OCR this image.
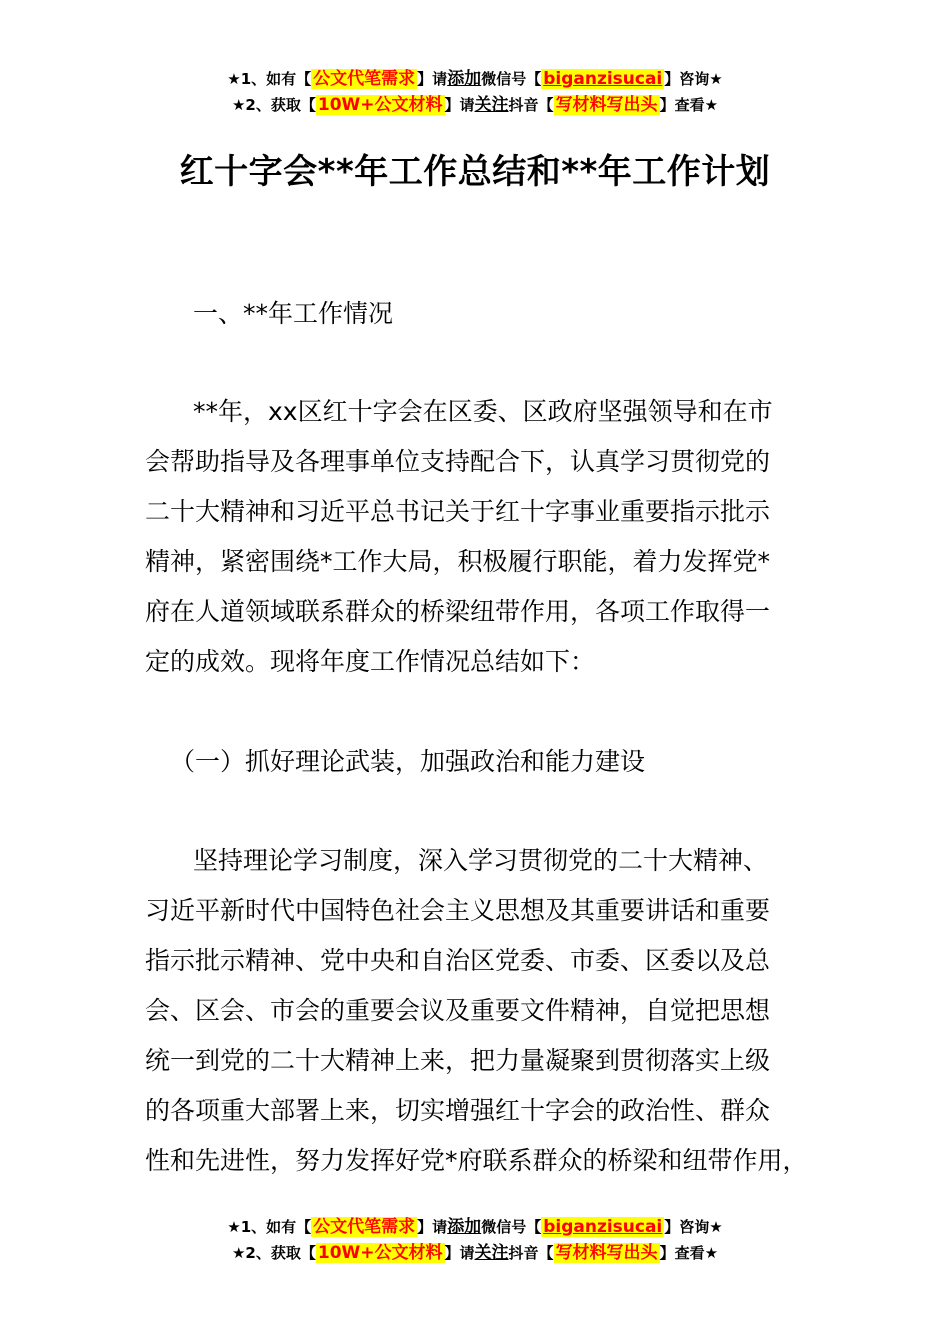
★1、如有【 公文代笔需求 】请添加微信号【 biganzisucai 】咨询★
★2、获取【 10W+公文材料 】请关注抖音【 写材料写出头 】查看★
红十字会**年工作总结和**年工作计划
一、**年工作情况
**年，xx区红十字会在区委、区政府坚强领导和在市
会帮助指导及各理事单位支持配合下，认真学习贯彻党的
二十大精神和习近平总书记关于红十字事业重要指示批示
精神，紧密围绕*工作大局，积极履行职能，着力发挥党*
府在人道领域联系群众的桥梁纽带作用，各项工作取得一
定的成效。现将年度工作情况总结如下：
（一）抓好理论武装，加强政治和能力建设
坚持理论学习制度，深入学习贯彻党的二十大精神、
习近平新时代中国特色社会主义思想及其重要讲话和重要
指示批示精神、党中央和自治区党委、市委、区委以及总
会、区会、市会的重要会议及重要文件精神，自觉把思想
统一到党的二十大精神上来，把力量凝聚到贯彻落实上级
的各项重大部署上来，切实增强红十字会的政治性、群众
性和先进性，努力发挥好党*府联系群众的桥梁和纽带作用，
★1、如有【 公文代笔需求 】请添加微信号【 biganzisucai 】咨询★
★2、获取【 10W+公文材料 】请关注抖音【 写材料写出头 】查看★
